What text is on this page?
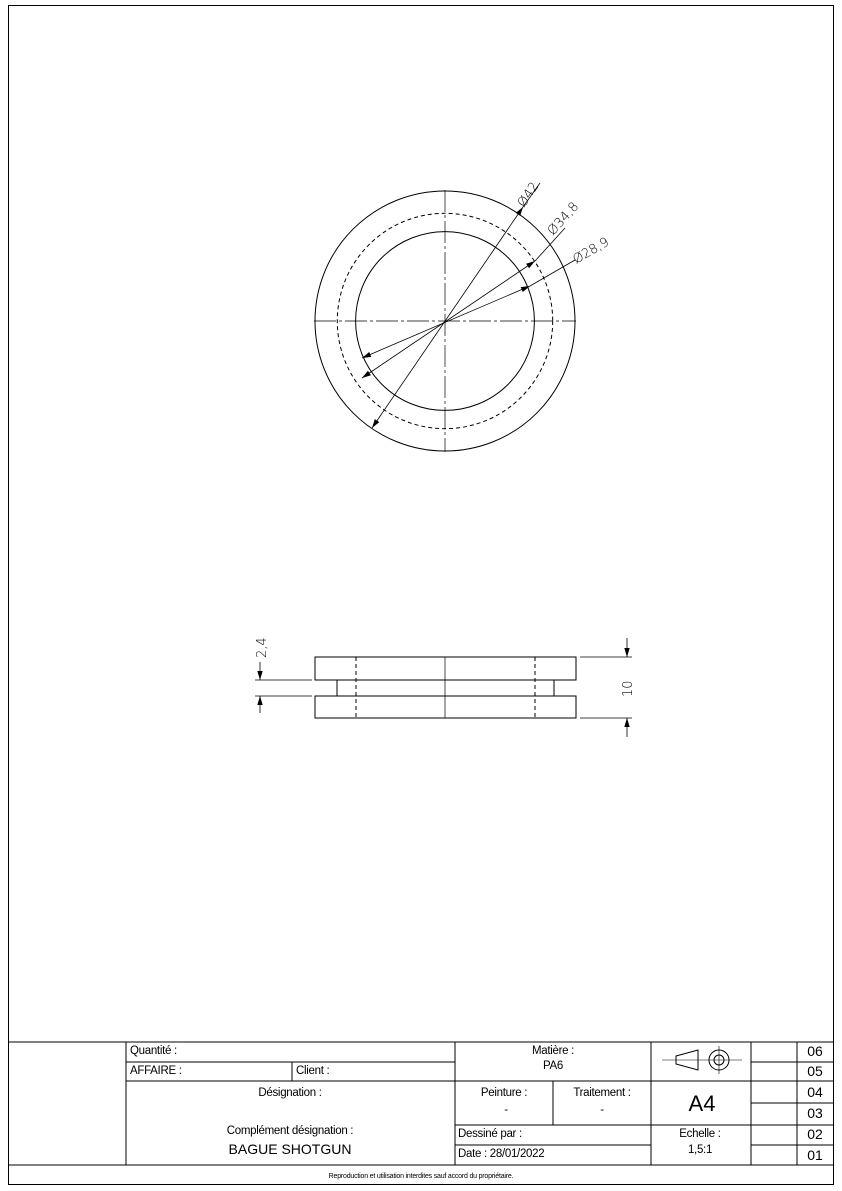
Ø42
Ø34,8
Ø28,9
2,4
10
Quantité :
AFFAIRE :	Client :
Désignation :
Complément désignation :
BAGUE SHOTGUN
Matière :
PA6
Peinture :
-
Traitement :
-
Dessiné par :
Date : 28/01/2022
A4
Echelle :
1,5:1
06
05
04
03
02
01
Reproduction et utilisation interdites sauf accord du propriétaire.
